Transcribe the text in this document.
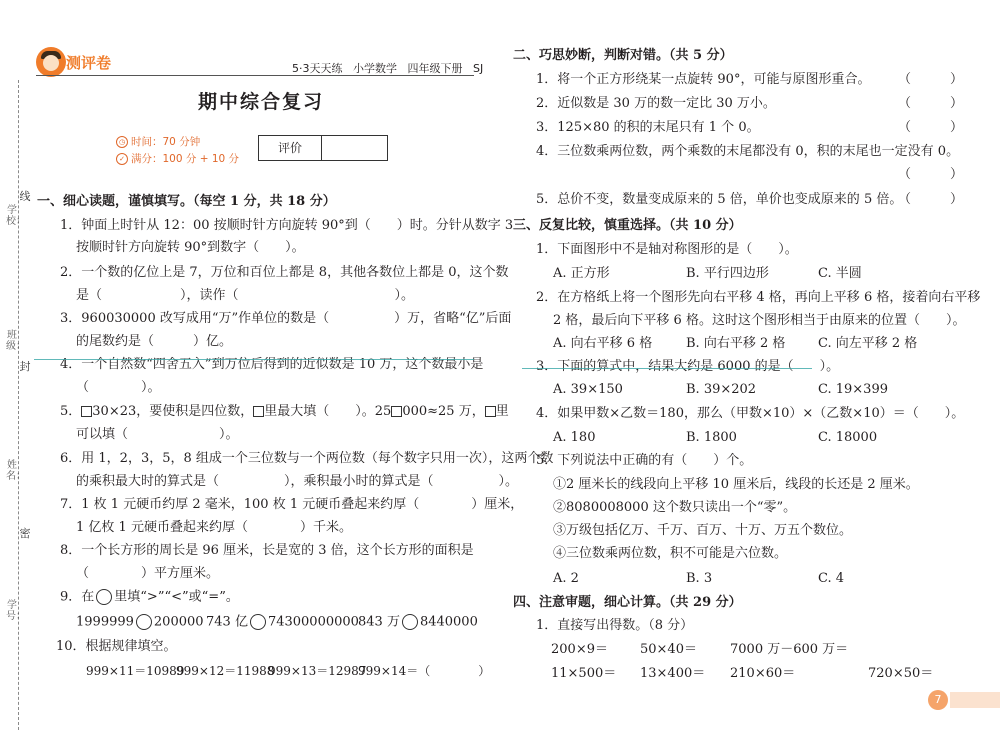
学校：
班级：
姓名：
学号：
线
封
密
测评卷	5·3天天练 小学数学 四年级下册 SJ
期中综合复习
◷ 时间：70 分钟
✓ 满分：100 分 + 10 分
评价
一、细心读题，谨慎填写。（每空 1 分，共 18 分）
1．钟面上时针从 12：00 按顺时针方向旋转 90°到（　　）时。分针从数字 3
按顺时针方向旋转 90°到数字（　　）。
2．一个数的亿位上是 7，万位和百位上都是 8，其他各数位上都是 0，这个数
是（　　　　　　），读作（　　　　　　　　　　　　）。
3．960030000 改写成用“万”作单位的数是（　　　　　）万，省略“亿”后面
的尾数约是（　　　）亿。
4．一个自然数“四舍五入”到万位后得到的近似数是 10 万，这个数最小是
（　　　　）。
5． 30×23，要使积是四位数， 里最大填（　　）。25 000≈25 万， 里
可以填（　　　　　　　）。
6．用 1，2，3，5，8 组成一个三位数与一个两位数（每个数字只用一次），这两个数
的乘积最大时的算式是（　　　　　），乘积最小时的算式是（　　　　　）。
7．1 枚 1 元硬币约厚 2 毫米，100 枚 1 元硬币叠起来约厚（　　　　）厘米，
1 亿枚 1 元硬币叠起来约厚（　　　　）千米。
8．一个长方形的周长是 96 厘米，长是宽的 3 倍，这个长方形的面积是
（　　　　）平方厘米。
9．在 里填“>”“<”或“=”。
1999999 200000 743 亿 74300000000 843 万 8440000
10．根据规律填空。
999×11＝10989
999×12＝11988
999×13＝12987
999×14＝（　　　　）
二、巧思妙断，判断对错。（共 5 分）
1．将一个正方形绕某一点旋转 90°，可能与原图形重合。 （　　　）
2．近似数是 30 万的数一定比 30 万小。	（　　　）
3．125×80 的积的末尾只有 1 个 0。	（　　　）
4．三位数乘两位数，两个乘数的末尾都没有 0，积的末尾也一定没有 0。
（　　　）
5．总价不变，数量变成原来的 5 倍，单价也变成原来的 5 倍。
（　　　）
三、反复比较，慎重选择。（共 10 分）
1．下面图形中不是轴对称图形的是（　　）。
A. 正方形	B. 平行四边形	C. 半圆
2．在方格纸上将一个图形先向右平移 4 格，再向上平移 6 格，接着向右平移
2 格，最后向下平移 6 格。这时这个图形相当于由原来的位置（　　）。
A. 向右平移 6 格	B. 向右平移 2 格	C. 向左平移 2 格
3．下面的算式中，结果大约是 6000 的是（　　）。
A. 39×150	B. 39×202	C. 19×399
4．如果甲数×乙数＝180，那么（甲数×10）×（乙数×10）＝（　　）。
A. 180	B. 1800	C. 18000
5．下列说法中正确的有（　　）个。
①2 厘米长的线段向上平移 10 厘米后，线段的长还是 2 厘米。
②8080008000 这个数只读出一个“零”。
③万级包括亿万、千万、百万、十万、万五个数位。
④三位数乘两位数，积不可能是六位数。
A. 2	B. 3	C. 4
四、注意审题，细心计算。（共 29 分）
1．直接写出得数。（8 分）
200×9＝ 50×40＝	7000 万－600 万＝
11×500＝ 13×400＝ 210×60＝	720×50＝
7
